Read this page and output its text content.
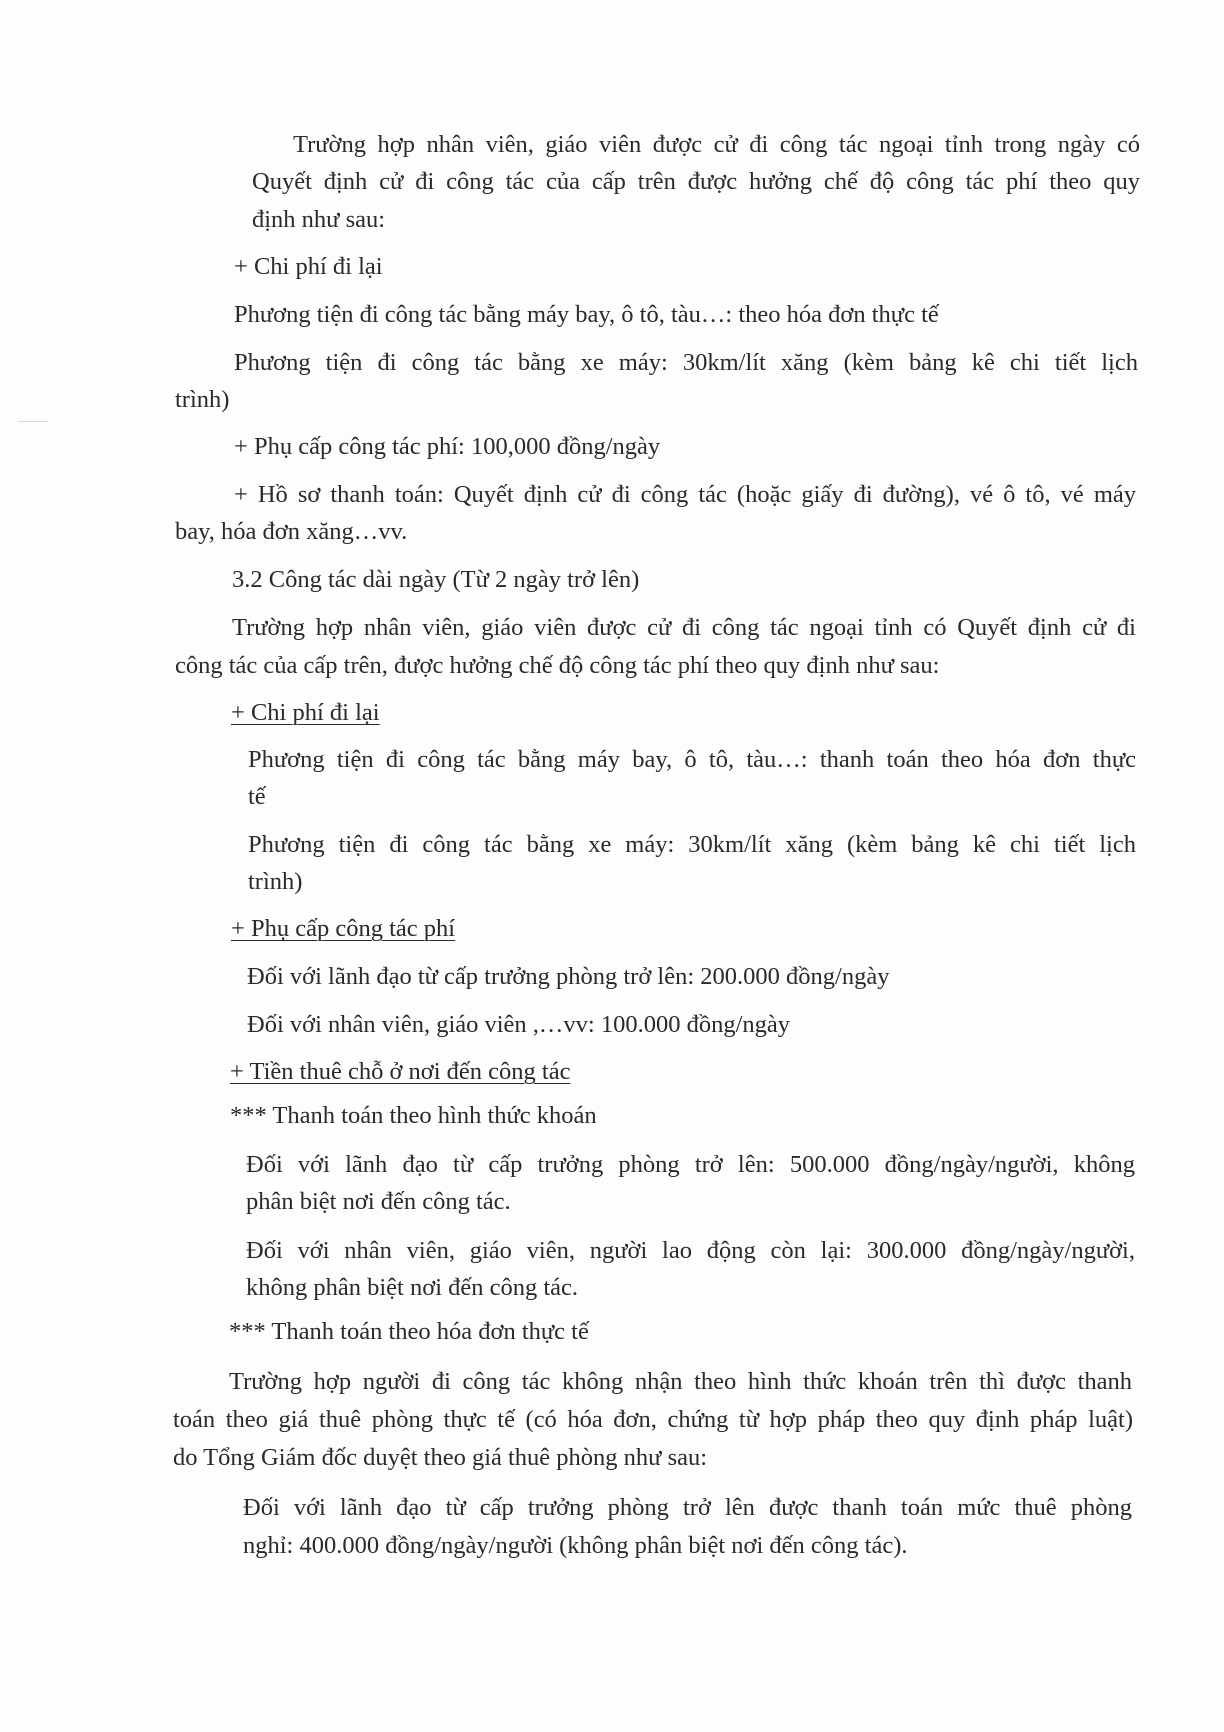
Trường hợp nhân viên, giáo viên được cử đi công tác ngoại tỉnh trong ngày có
Quyết định cử đi công tác của cấp trên được hưởng chế độ công tác phí theo quy
định như sau:
+ Chi phí đi lại
Phương tiện đi công tác bằng máy bay, ô tô, tàu…: theo hóa đơn thực tế
Phương tiện đi công tác bằng xe máy: 30km/lít xăng (kèm bảng kê chi tiết lịch
trình)
+ Phụ cấp công tác phí: 100,000 đồng/ngày
+ Hồ sơ thanh toán: Quyết định cử đi công tác (hoặc giấy đi đường), vé ô tô, vé máy
bay, hóa đơn xăng…vv.
3.2 Công tác dài ngày (Từ 2 ngày trở lên)
Trường hợp nhân viên, giáo viên được cử đi công tác ngoại tỉnh có Quyết định cử đi
công tác của cấp trên, được hưởng chế độ công tác phí theo quy định như sau:
+ Chi phí đi lại
Phương tiện đi công tác bằng máy bay, ô tô, tàu…: thanh toán theo hóa đơn thực
tế
Phương tiện đi công tác bằng xe máy: 30km/lít xăng (kèm bảng kê chi tiết lịch
trình)
+ Phụ cấp công tác phí
Đối với lãnh đạo từ cấp trưởng phòng trở lên: 200.000 đồng/ngày
Đối với nhân viên, giáo viên ,…vv: 100.000 đồng/ngày
+ Tiền thuê chỗ ở nơi đến công tác
*** Thanh toán theo hình thức khoán
Đối với lãnh đạo từ cấp trưởng phòng trở lên: 500.000 đồng/ngày/người, không
phân biệt nơi đến công tác.
Đối với nhân viên, giáo viên, người lao động còn lại: 300.000 đồng/ngày/người,
không phân biệt nơi đến công tác.
*** Thanh toán theo hóa đơn thực tế
Trường hợp người đi công tác không nhận theo hình thức khoán trên thì được thanh
toán theo giá thuê phòng thực tế (có hóa đơn, chứng từ hợp pháp theo quy định pháp luật)
do Tổng Giám đốc duyệt theo giá thuê phòng như sau:
Đối với lãnh đạo từ cấp trưởng phòng trở lên được thanh toán mức thuê phòng
nghỉ: 400.000 đồng/ngày/người (không phân biệt nơi đến công tác).
